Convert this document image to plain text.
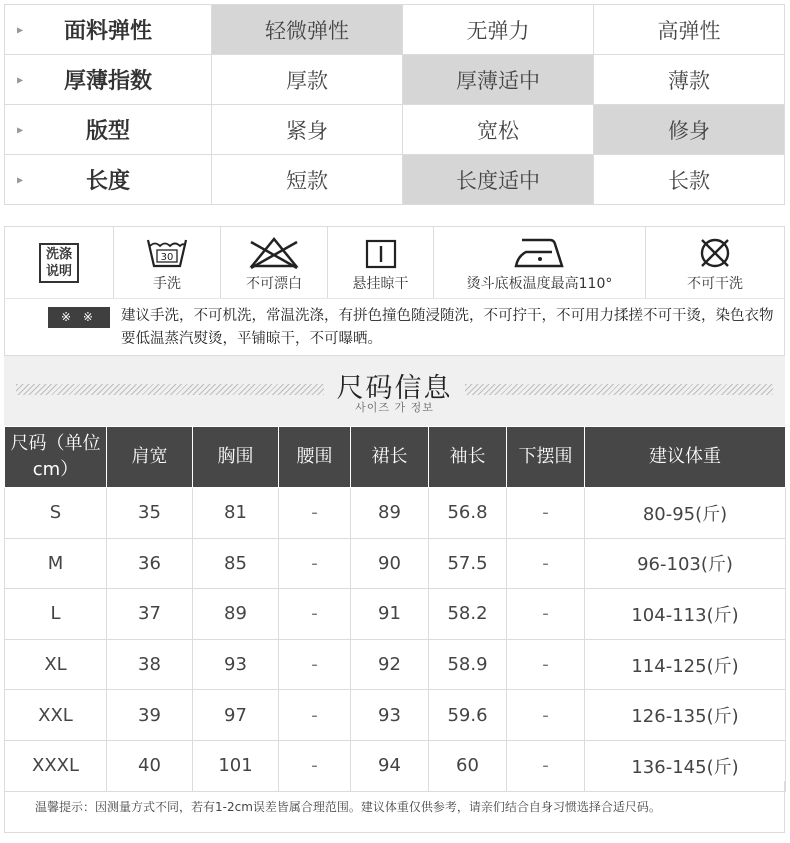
▶ 面料弹性	轻微弹性	无弹力	高弹性

▶ 厚薄指数	厚款	厚薄适中	薄款

▶ 版型	紧身	宽松	修身

▶ 长度	短款	长度适中	长款
洗涤说明
30
手洗	不可漂白	悬挂晾干	烫斗底板温度最高110°	不可干洗
※ ※	建议手洗，不可机洗，常温洗涤，有拼色撞色随浸随洗，不可拧干，不可用力揉搓不可干烫，染色衣物要低温蒸汽熨烫，平铺晾干，不可曝晒。
尺码信息
사이즈 가 정보
尺码（单位cm）	肩宽	胸围	腰围	裙长	袖长	下摆围	建议体重
S	35	81	-	89	56.8	-	80-95(斤)
M	36	85	-	90	57.5	-	96-103(斤)
L	37	89	-	91	58.2	-	104-113(斤)
XL	38	93	-	92	58.9	-	114-125(斤)
XXL	39	97	-	93	59.6	-	126-135(斤)
XXXL	40	101	-	94	60	-	136-145(斤)
温馨提示：因测量方式不同，若有1-2cm误差皆属合理范围。建议体重仅供参考，请亲们结合自身习惯选择合适尺码。
